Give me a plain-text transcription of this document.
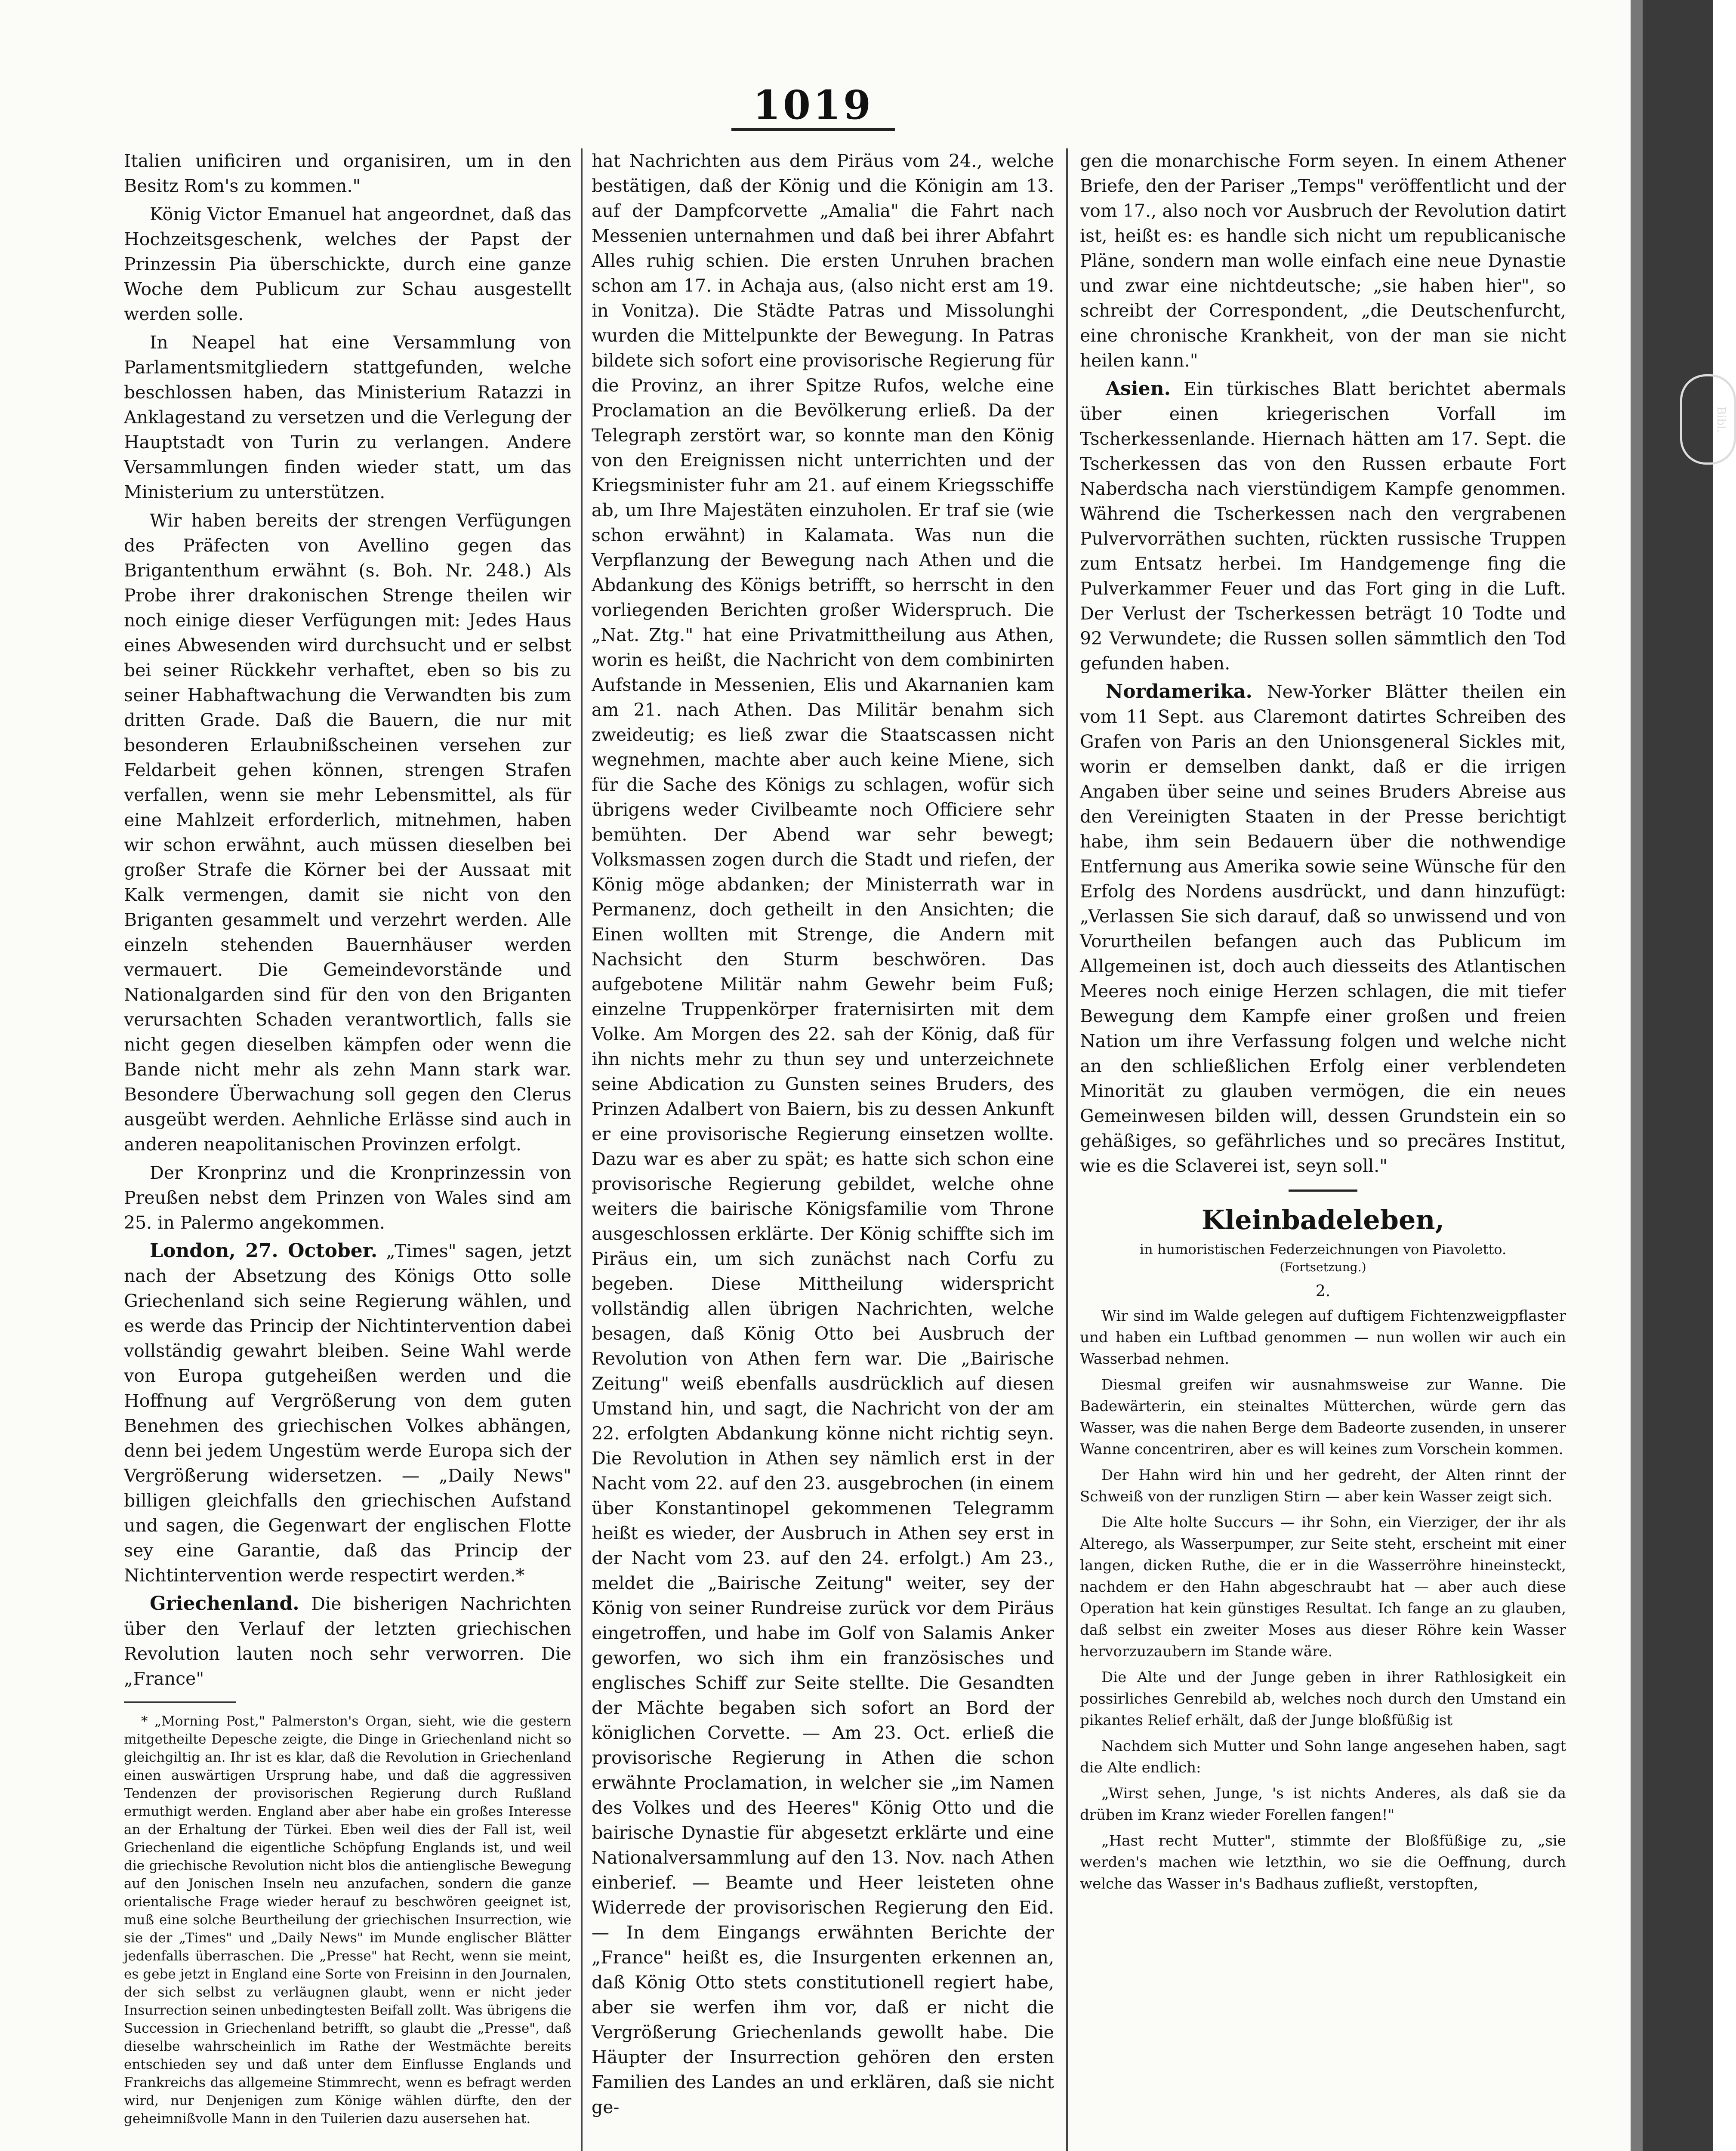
1019

Italien unificiren und organisiren, um in den Besitz Rom's zu kommen."

König Victor Emanuel hat angeordnet, daß das Hochzeitsgeschenk, welches der Papst der Prinzessin Pia überschickte, durch eine ganze Woche dem Publicum zur Schau ausgestellt werden solle.

In Neapel hat eine Versammlung von Parlamentsmitgliedern stattgefunden, welche beschlossen haben, das Ministerium Ratazzi in Anklagestand zu versetzen und die Verlegung der Hauptstadt von Turin zu verlangen. Andere Versammlungen finden wieder statt, um das Ministerium zu unterstützen.

Wir haben bereits der strengen Verfügungen des Präfecten von Avellino gegen das Brigantenthum erwähnt (s. Boh. Nr. 248.) Als Probe ihrer drakonischen Strenge theilen wir noch einige dieser Verfügungen mit: Jedes Haus eines Abwesenden wird durchsucht und er selbst bei seiner Rückkehr verhaftet, eben so bis zu seiner Habhaftwachung die Verwandten bis zum dritten Grade. Daß die Bauern, die nur mit besonderen Erlaubnißscheinen versehen zur Feldarbeit gehen können, strengen Strafen verfallen, wenn sie mehr Lebensmittel, als für eine Mahlzeit erforderlich, mitnehmen, haben wir schon erwähnt, auch müssen dieselben bei großer Strafe die Körner bei der Aussaat mit Kalk vermengen, damit sie nicht von den Briganten gesammelt und verzehrt werden. Alle einzeln stehenden Bauernhäuser werden vermauert. Die Gemeindevorstände und Nationalgarden sind für den von den Briganten verursachten Schaden verantwortlich, falls sie nicht gegen dieselben kämpfen oder wenn die Bande nicht mehr als zehn Mann stark war. Besondere Überwachung soll gegen den Clerus ausgeübt werden. Aehnliche Erlässe sind auch in anderen neapolitanischen Provinzen erfolgt.

Der Kronprinz und die Kronprinzessin von Preußen nebst dem Prinzen von Wales sind am 25. in Palermo angekommen.

London, 27. October. „Times" sagen, jetzt nach der Absetzung des Königs Otto solle Griechenland sich seine Regierung wählen, und es werde das Princip der Nichtintervention dabei vollständig gewahrt bleiben. Seine Wahl werde von Europa gutgeheißen werden und die Hoffnung auf Vergrößerung von dem guten Benehmen des griechischen Volkes abhängen, denn bei jedem Ungestüm werde Europa sich der Vergrößerung widersetzen. — „Daily News" billigen gleichfalls den griechischen Aufstand und sagen, die Gegenwart der englischen Flotte sey eine Garantie, daß das Princip der Nichtintervention werde respectirt werden.*

Griechenland. Die bisherigen Nachrichten über den Verlauf der letzten griechischen Revolution lauten noch sehr verworren. Die „France"

* „Morning Post," Palmerston's Organ, sieht, wie die gestern mitgetheilte Depesche zeigte, die Dinge in Griechenland nicht so gleichgiltig an. Ihr ist es klar, daß die Revolution in Griechenland einen auswärtigen Ursprung habe, und daß die aggressiven Tendenzen der provisorischen Regierung durch Rußland ermuthigt werden. England aber aber habe ein großes Interesse an der Erhaltung der Türkei. Eben weil dies der Fall ist, weil Griechenland die eigentliche Schöpfung Englands ist, und weil die griechische Revolution nicht blos die antienglische Bewegung auf den Jonischen Inseln neu anzufachen, sondern die ganze orientalische Frage wieder herauf zu beschwören geeignet ist, muß eine solche Beurtheilung der griechischen Insurrection, wie sie der „Times" und „Daily News" im Munde englischer Blätter jedenfalls überraschen. Die „Presse" hat Recht, wenn sie meint, es gebe jetzt in England eine Sorte von Freisinn in den Journalen, der sich selbst zu verläugnen glaubt, wenn er nicht jeder Insurrection seinen unbedingtesten Beifall zollt. Was übrigens die Succession in Griechenland betrifft, so glaubt die „Presse", daß dieselbe wahrscheinlich im Rathe der Westmächte bereits entschieden sey und daß unter dem Einflusse Englands und Frankreichs das allgemeine Stimmrecht, wenn es befragt werden wird, nur Denjenigen zum Könige wählen dürfte, den der geheimnißvolle Mann in den Tuilerien dazu ausersehen hat.

hat Nachrichten aus dem Piräus vom 24., welche bestätigen, daß der König und die Königin am 13. auf der Dampfcorvette „Amalia" die Fahrt nach Messenien unternahmen und daß bei ihrer Abfahrt Alles ruhig schien. Die ersten Unruhen brachen schon am 17. in Achaja aus, (also nicht erst am 19. in Vonitza). Die Städte Patras und Missolunghi wurden die Mittelpunkte der Bewegung. In Patras bildete sich sofort eine provisorische Regierung für die Provinz, an ihrer Spitze Rufos, welche eine Proclamation an die Bevölkerung erließ. Da der Telegraph zerstört war, so konnte man den König von den Ereignissen nicht unterrichten und der Kriegsminister fuhr am 21. auf einem Kriegsschiffe ab, um Ihre Majestäten einzuholen. Er traf sie (wie schon erwähnt) in Kalamata. Was nun die Verpflanzung der Bewegung nach Athen und die Abdankung des Königs betrifft, so herrscht in den vorliegenden Berichten großer Widerspruch. Die „Nat. Ztg." hat eine Privatmittheilung aus Athen, worin es heißt, die Nachricht von dem combinirten Aufstande in Messenien, Elis und Akarnanien kam am 21. nach Athen. Das Militär benahm sich zweideutig; es ließ zwar die Staatscassen nicht wegnehmen, machte aber auch keine Miene, sich für die Sache des Königs zu schlagen, wofür sich übrigens weder Civilbeamte noch Officiere sehr bemühten. Der Abend war sehr bewegt; Volksmassen zogen durch die Stadt und riefen, der König möge abdanken; der Ministerrath war in Permanenz, doch getheilt in den Ansichten; die Einen wollten mit Strenge, die Andern mit Nachsicht den Sturm beschwören. Das aufgebotene Militär nahm Gewehr beim Fuß; einzelne Truppenkörper fraternisirten mit dem Volke. Am Morgen des 22. sah der König, daß für ihn nichts mehr zu thun sey und unterzeichnete seine Abdication zu Gunsten seines Bruders, des Prinzen Adalbert von Baiern, bis zu dessen Ankunft er eine provisorische Regierung einsetzen wollte. Dazu war es aber zu spät; es hatte sich schon eine provisorische Regierung gebildet, welche ohne weiters die bairische Königsfamilie vom Throne ausgeschlossen erklärte. Der König schiffte sich im Piräus ein, um sich zunächst nach Corfu zu begeben. Diese Mittheilung widerspricht vollständig allen übrigen Nachrichten, welche besagen, daß König Otto bei Ausbruch der Revolution von Athen fern war. Die „Bairische Zeitung" weiß ebenfalls ausdrücklich auf diesen Umstand hin, und sagt, die Nachricht von der am 22. erfolgten Abdankung könne nicht richtig seyn. Die Revolution in Athen sey nämlich erst in der Nacht vom 22. auf den 23. ausgebrochen (in einem über Konstantinopel gekommenen Telegramm heißt es wieder, der Ausbruch in Athen sey erst in der Nacht vom 23. auf den 24. erfolgt.) Am 23., meldet die „Bairische Zeitung" weiter, sey der König von seiner Rundreise zurück vor dem Piräus eingetroffen, und habe im Golf von Salamis Anker geworfen, wo sich ihm ein französisches und englisches Schiff zur Seite stellte. Die Gesandten der Mächte begaben sich sofort an Bord der königlichen Corvette. — Am 23. Oct. erließ die provisorische Regierung in Athen die schon erwähnte Proclamation, in welcher sie „im Namen des Volkes und des Heeres" König Otto und die bairische Dynastie für abgesetzt erklärte und eine Nationalversammlung auf den 13. Nov. nach Athen einberief. — Beamte und Heer leisteten ohne Widerrede der provisorischen Regierung den Eid. — In dem Eingangs erwähnten Berichte der „France" heißt es, die Insurgenten erkennen an, daß König Otto stets constitutionell regiert habe, aber sie werfen ihm vor, daß er nicht die Vergrößerung Griechenlands gewollt habe. Die Häupter der Insurrection gehören den ersten Familien des Landes an und erklären, daß sie nicht ge-

gen die monarchische Form seyen. In einem Athener Briefe, den der Pariser „Temps" veröffentlicht und der vom 17., also noch vor Ausbruch der Revolution datirt ist, heißt es: es handle sich nicht um republicanische Pläne, sondern man wolle einfach eine neue Dynastie und zwar eine nichtdeutsche; „sie haben hier", so schreibt der Correspondent, „die Deutschenfurcht, eine chronische Krankheit, von der man sie nicht heilen kann."

Asien. Ein türkisches Blatt berichtet abermals über einen kriegerischen Vorfall im Tscherkessenlande. Hiernach hätten am 17. Sept. die Tscherkessen das von den Russen erbaute Fort Naberdscha nach vierstündigem Kampfe genommen. Während die Tscherkessen nach den vergrabenen Pulvervorräthen suchten, rückten russische Truppen zum Entsatz herbei. Im Handgemenge fing die Pulverkammer Feuer und das Fort ging in die Luft. Der Verlust der Tscherkessen beträgt 10 Todte und 92 Verwundete; die Russen sollen sämmtlich den Tod gefunden haben.

Nordamerika. New-Yorker Blätter theilen ein vom 11 Sept. aus Claremont datirtes Schreiben des Grafen von Paris an den Unionsgeneral Sickles mit, worin er demselben dankt, daß er die irrigen Angaben über seine und seines Bruders Abreise aus den Vereinigten Staaten in der Presse berichtigt habe, ihm sein Bedauern über die nothwendige Entfernung aus Amerika sowie seine Wünsche für den Erfolg des Nordens ausdrückt, und dann hinzufügt: „Verlassen Sie sich darauf, daß so unwissend und von Vorurtheilen befangen auch das Publicum im Allgemeinen ist, doch auch diesseits des Atlantischen Meeres noch einige Herzen schlagen, die mit tiefer Bewegung dem Kampfe einer großen und freien Nation um ihre Verfassung folgen und welche nicht an den schließlichen Erfolg einer verblendeten Minorität zu glauben vermögen, die ein neues Gemeinwesen bilden will, dessen Grundstein ein so gehäßiges, so gefährliches und so precäres Institut, wie es die Sclaverei ist, seyn soll."

Kleinbadeleben,
in humoristischen Federzeichnungen von Piavoletto.
(Fortsetzung.)
2.

Wir sind im Walde gelegen auf duftigem Fichtenzweigpflaster und haben ein Luftbad genommen — nun wollen wir auch ein Wasserbad nehmen.

Diesmal greifen wir ausnahmsweise zur Wanne. Die Badewärterin, ein steinaltes Mütterchen, würde gern das Wasser, was die nahen Berge dem Badeorte zusenden, in unserer Wanne concentriren, aber es will keines zum Vorschein kommen.

Der Hahn wird hin und her gedreht, der Alten rinnt der Schweiß von der runzligen Stirn — aber kein Wasser zeigt sich.

Die Alte holte Succurs — ihr Sohn, ein Vierziger, der ihr als Alterego, als Wasserpumper, zur Seite steht, erscheint mit einer langen, dicken Ruthe, die er in die Wasserröhre hineinsteckt, nachdem er den Hahn abgeschraubt hat — aber auch diese Operation hat kein günstiges Resultat. Ich fange an zu glauben, daß selbst ein zweiter Moses aus dieser Röhre kein Wasser hervorzuzaubern im Stande wäre.

Die Alte und der Junge geben in ihrer Rathlosigkeit ein possirliches Genrebild ab, welches noch durch den Umstand ein pikantes Relief erhält, daß der Junge bloßfüßig ist

Nachdem sich Mutter und Sohn lange angesehen haben, sagt die Alte endlich:

„Wirst sehen, Junge, 's ist nichts Anderes, als daß sie da drüben im Kranz wieder Forellen fangen!"

„Hast recht Mutter", stimmte der Bloßfüßige zu, „sie werden's machen wie letzthin, wo sie die Oeffnung, durch welche das Wasser in's Badhaus zufließt, verstopften,

Bibl.
